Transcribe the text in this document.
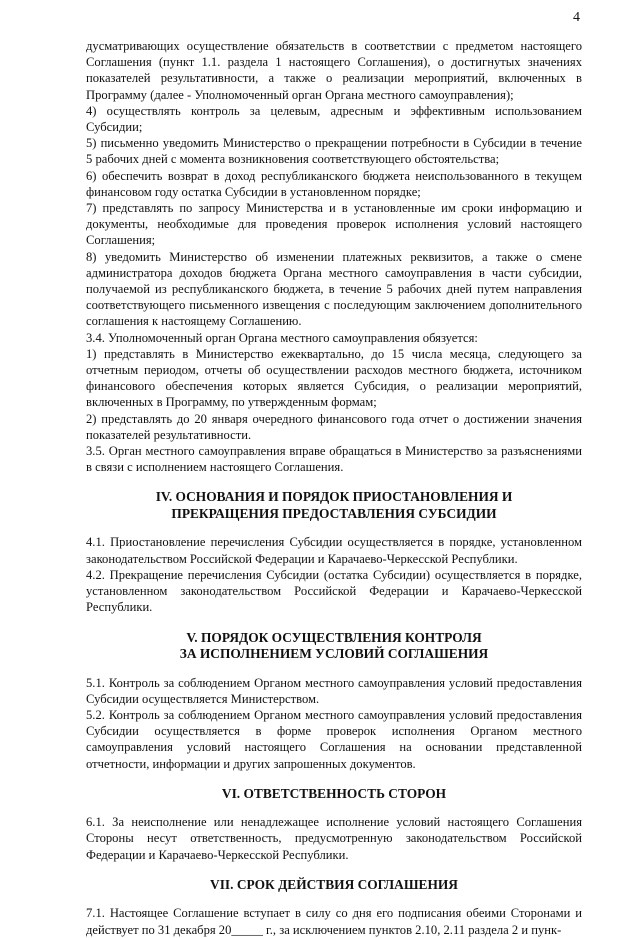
4

дусматривающих осуществление обязательств в соответствии с предметом настоящего Соглашения (пункт 1.1. раздела 1 настоящего Соглашения), о достигнутых значениях показателей результативности, а также о реализации мероприятий, включенных в Программу (далее - Уполномоченный орган Органа местного самоуправления);

4) осуществлять контроль за целевым, адресным и эффективным использованием Субсидии;

5) письменно уведомить Министерство о прекращении потребности в Субсидии в течение 5 рабочих дней с момента возникновения соответствующего обстоятельства;

6) обеспечить возврат в доход республиканского бюджета неиспользованного в текущем финансовом году остатка Субсидии в установленном порядке;

7) представлять по запросу Министерства и в установленные им сроки информацию и документы, необходимые для проведения проверок исполнения условий настоящего Соглашения;

8) уведомить Министерство об изменении платежных реквизитов, а также о смене администратора доходов бюджета Органа местного самоуправления в части субсидии, получаемой из республиканского бюджета, в течение 5 рабочих дней путем направления соответствующего письменного извещения с последующим заключением дополнительного соглашения к настоящему Соглашению.

3.4. Уполномоченный орган Органа местного самоуправления обязуется:

1) представлять в Министерство ежеквартально, до 15 числа месяца, следующего за отчетным периодом, отчеты об осуществлении расходов местного бюджета, источником финансового обеспечения которых является Субсидия, о реализации мероприятий, включенных в Программу, по утвержденным формам;

2) представлять до 20 января очередного финансового года отчет о достижении значения показателей результативности.

3.5. Орган местного самоуправления вправе обращаться в Министерство за разъяснениями в связи с исполнением настоящего Соглашения.

IV. ОСНОВАНИЯ И ПОРЯДОК ПРИОСТАНОВЛЕНИЯ И
ПРЕКРАЩЕНИЯ ПРЕДОСТАВЛЕНИЯ СУБСИДИИ

4.1. Приостановление перечисления Субсидии осуществляется в порядке, установленном законодательством Российской Федерации и Карачаево-Черкесской Республики.

4.2. Прекращение перечисления Субсидии (остатка Субсидии) осуществляется в порядке, установленном законодательством Российской Федерации и Карачаево-Черкесской Республики.

V. ПОРЯДОК ОСУЩЕСТВЛЕНИЯ КОНТРОЛЯ
ЗА ИСПОЛНЕНИЕМ УСЛОВИЙ СОГЛАШЕНИЯ

5.1. Контроль за соблюдением Органом местного самоуправления условий предоставления Субсидии осуществляется Министерством.

5.2. Контроль за соблюдением Органом местного самоуправления условий предоставления Субсидии осуществляется в форме проверок исполнения Органом местного самоуправления условий настоящего Соглашения на основании представленной отчетности, информации и других запрошенных документов.

VI. ОТВЕТСТВЕННОСТЬ СТОРОН

6.1. За неисполнение или ненадлежащее исполнение условий настоящего Соглашения Стороны несут ответственность, предусмотренную законодательством Российской Федерации и Карачаево-Черкесской Республики.

VII. СРОК ДЕЙСТВИЯ СОГЛАШЕНИЯ

7.1. Настоящее Соглашение вступает в силу со дня его подписания обеими Сторонами и действует по 31 декабря 20_____ г., за исключением пунктов 2.10, 2.11 раздела 2 и пунк-
